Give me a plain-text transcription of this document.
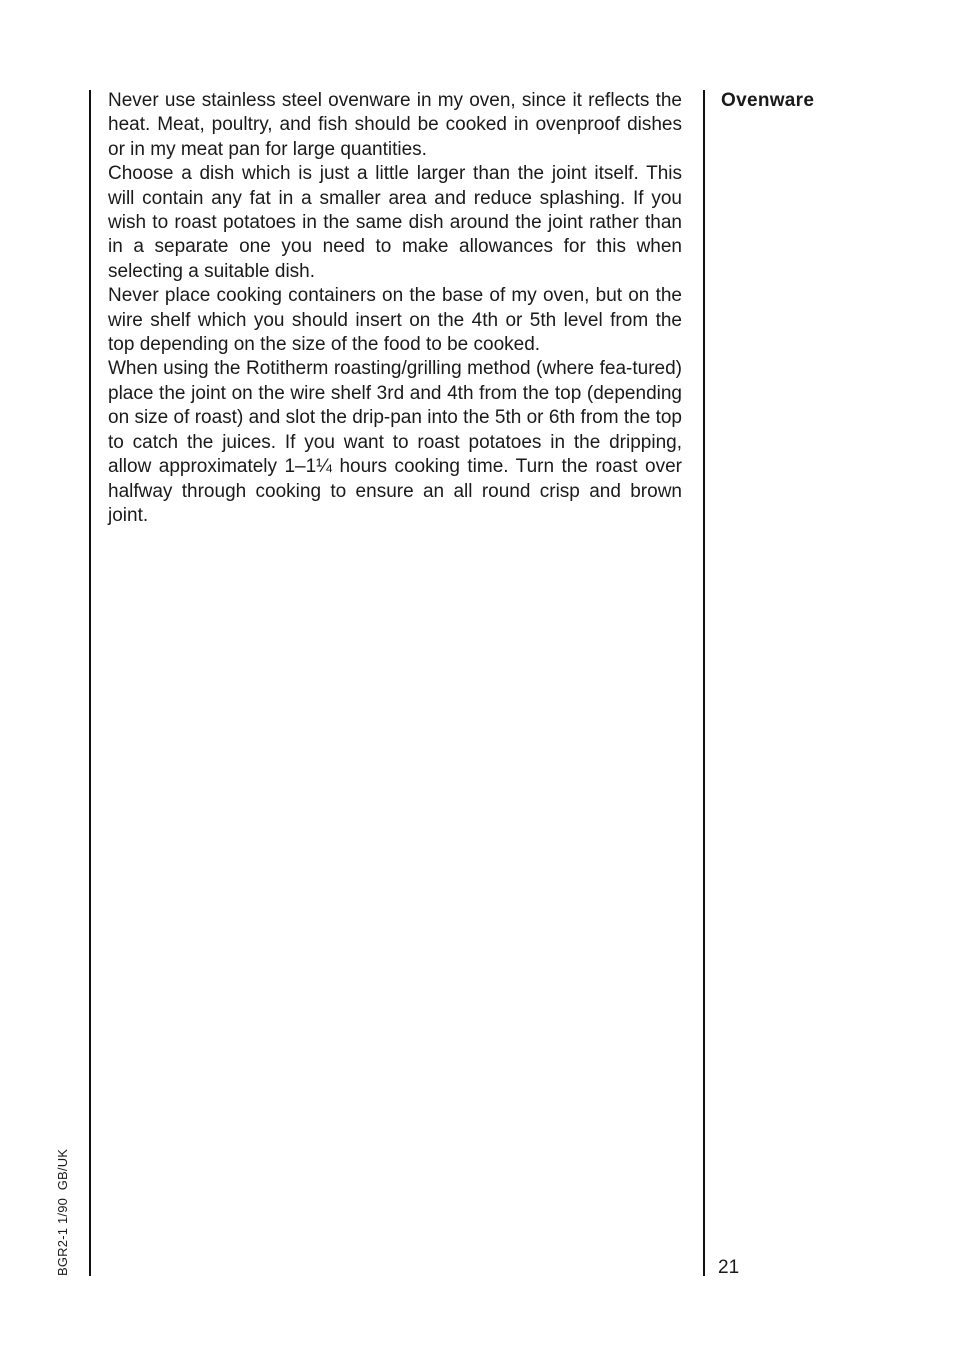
Never use stainless steel ovenware in my oven, since it reflects the heat. Meat, poultry, and fish should be cooked in ovenproof dishes or in my meat pan for large quantities.

Choose a dish which is just a little larger than the joint itself. This will contain any fat in a smaller area and reduce splashing. If you wish to roast potatoes in the same dish around the joint rather than in a separate one you need to make allowances for this when selecting a suitable dish.

Never place cooking containers on the base of my oven, but on the wire shelf which you should insert on the 4th or 5th level from the top depending on the size of the food to be cooked.

When using the Rotitherm roasting/grilling method (where fea-tured) place the joint on the wire shelf 3rd and 4th from the top (depending on size of roast) and slot the drip-pan into the 5th or 6th from the top to catch the juices. If you want to roast potatoes in the dripping, allow approximately 1–1¼ hours cooking time. Turn the roast over halfway through cooking to ensure an all round crisp and brown joint.

Ovenware
21
BGR2-1 1/90  GB/UK
